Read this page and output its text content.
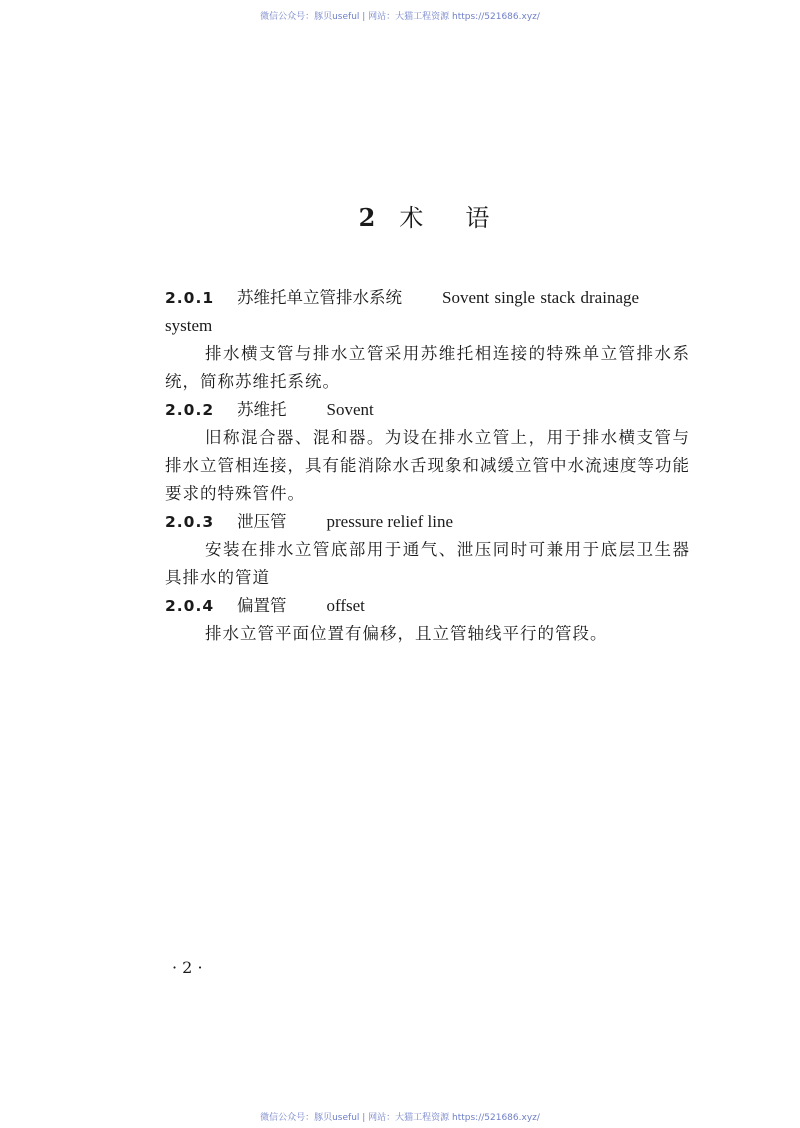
微信公众号：豚贝useful | 网站：大猫工程资源 https://521686.xyz/
2 术 语
2.0.1 苏维托单立管排水系统 Sovent single stack drainage system
排水横支管与排水立管采用苏维托相连接的特殊单立管排水系统，简称苏维托系统。
2.0.2 苏维托 Sovent
旧称混合器、混和器。为设在排水立管上，用于排水横支管与排水立管相连接，具有能消除水舌现象和减缓立管中水流速度等功能要求的特殊管件。
2.0.3 泄压管 pressure relief line
安装在排水立管底部用于通气、泄压同时可兼用于底层卫生器具排水的管道
2.0.4 偏置管 offset
排水立管平面位置有偏移，且立管轴线平行的管段。
· 2 ·
微信公众号：豚贝useful | 网站：大猫工程资源 https://521686.xyz/
